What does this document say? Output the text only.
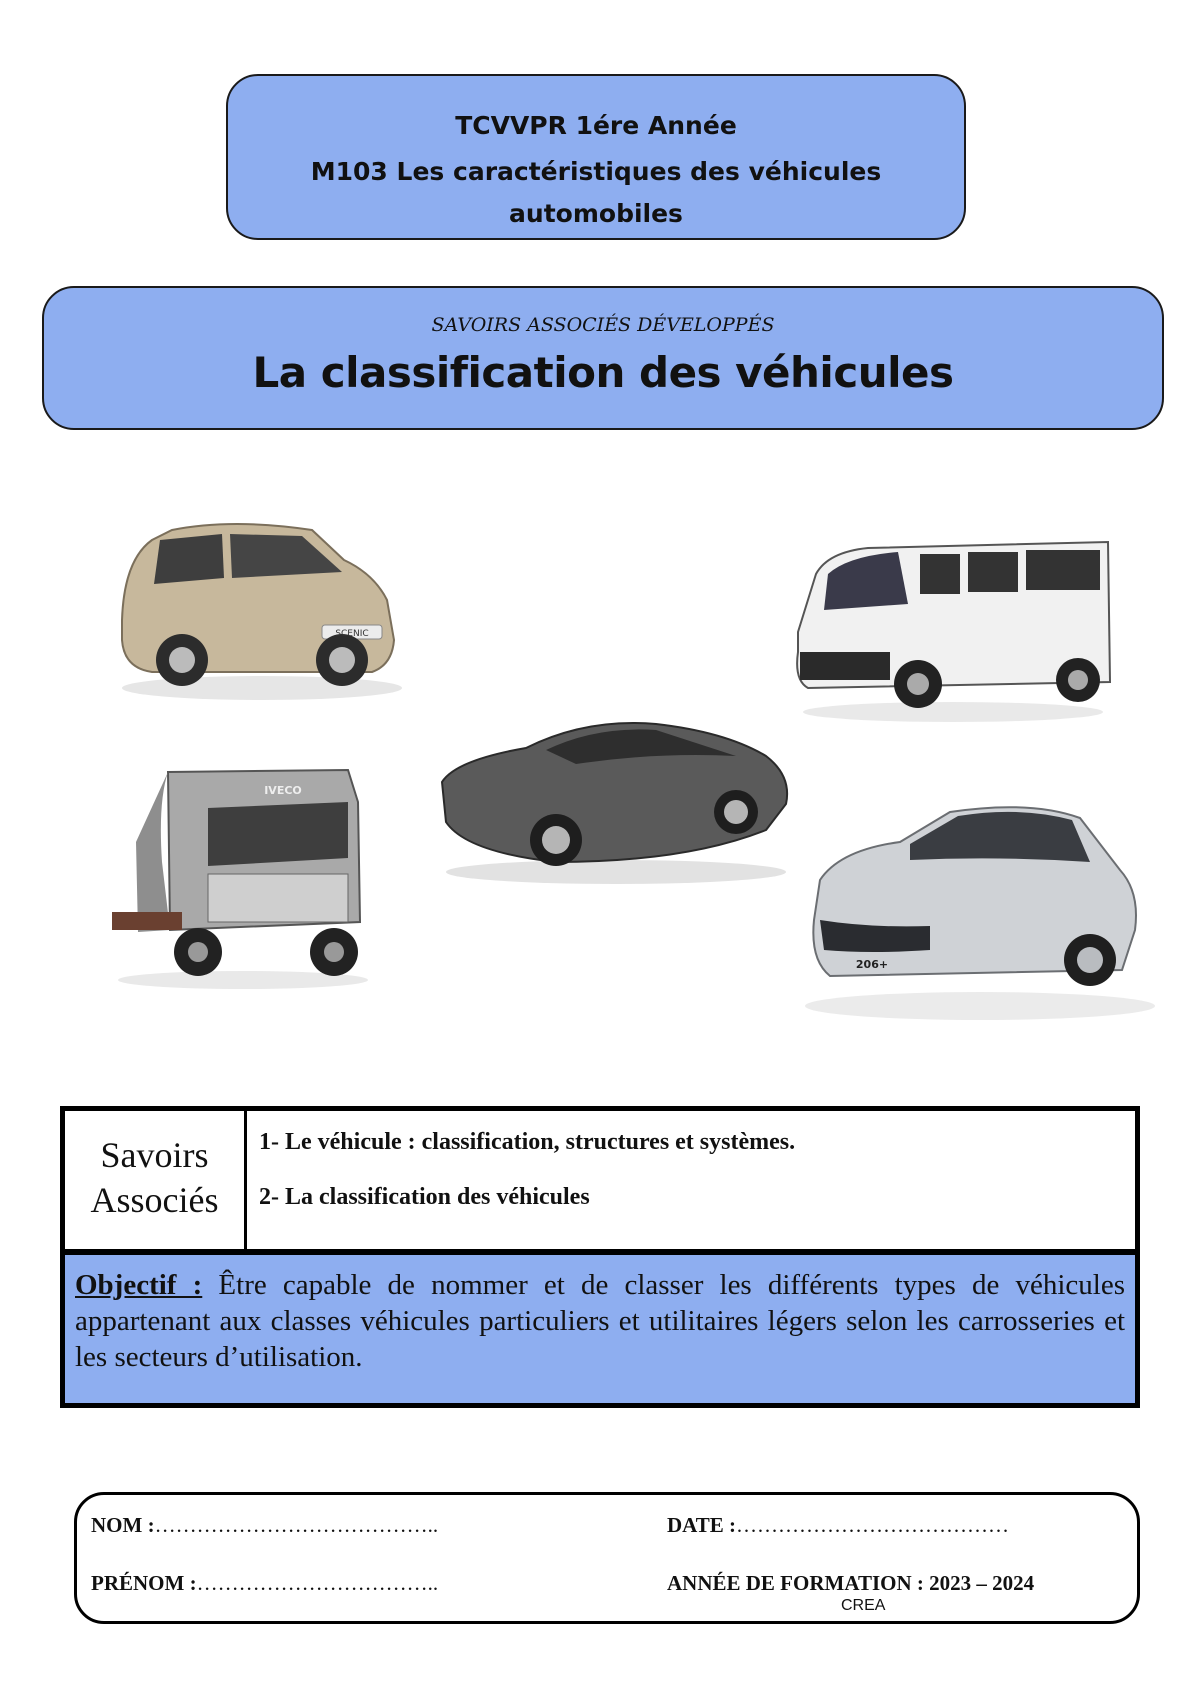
TCVVPR 1ére Année
M103 Les caractéristiques des véhicules
automobiles
SAVOIRS ASSOCIÉS DÉVELOPPÉS
La classification des véhicules
SCENIC
IVECO
206+
Savoirs
Associés
1- Le véhicule : classification, structures et systèmes.
2- La classification des véhicules
Objectif : Être capable de nommer et de classer les différents types de véhicules appartenant aux classes véhicules particuliers et utilitaires légers selon les carrosseries et les secteurs d’utilisation.
NOM :…………………………………..
PRÉNOM :……………………………..
DATE :…………………………………
ANNÉE DE FORMATION : 2023 – 2024
CREA
